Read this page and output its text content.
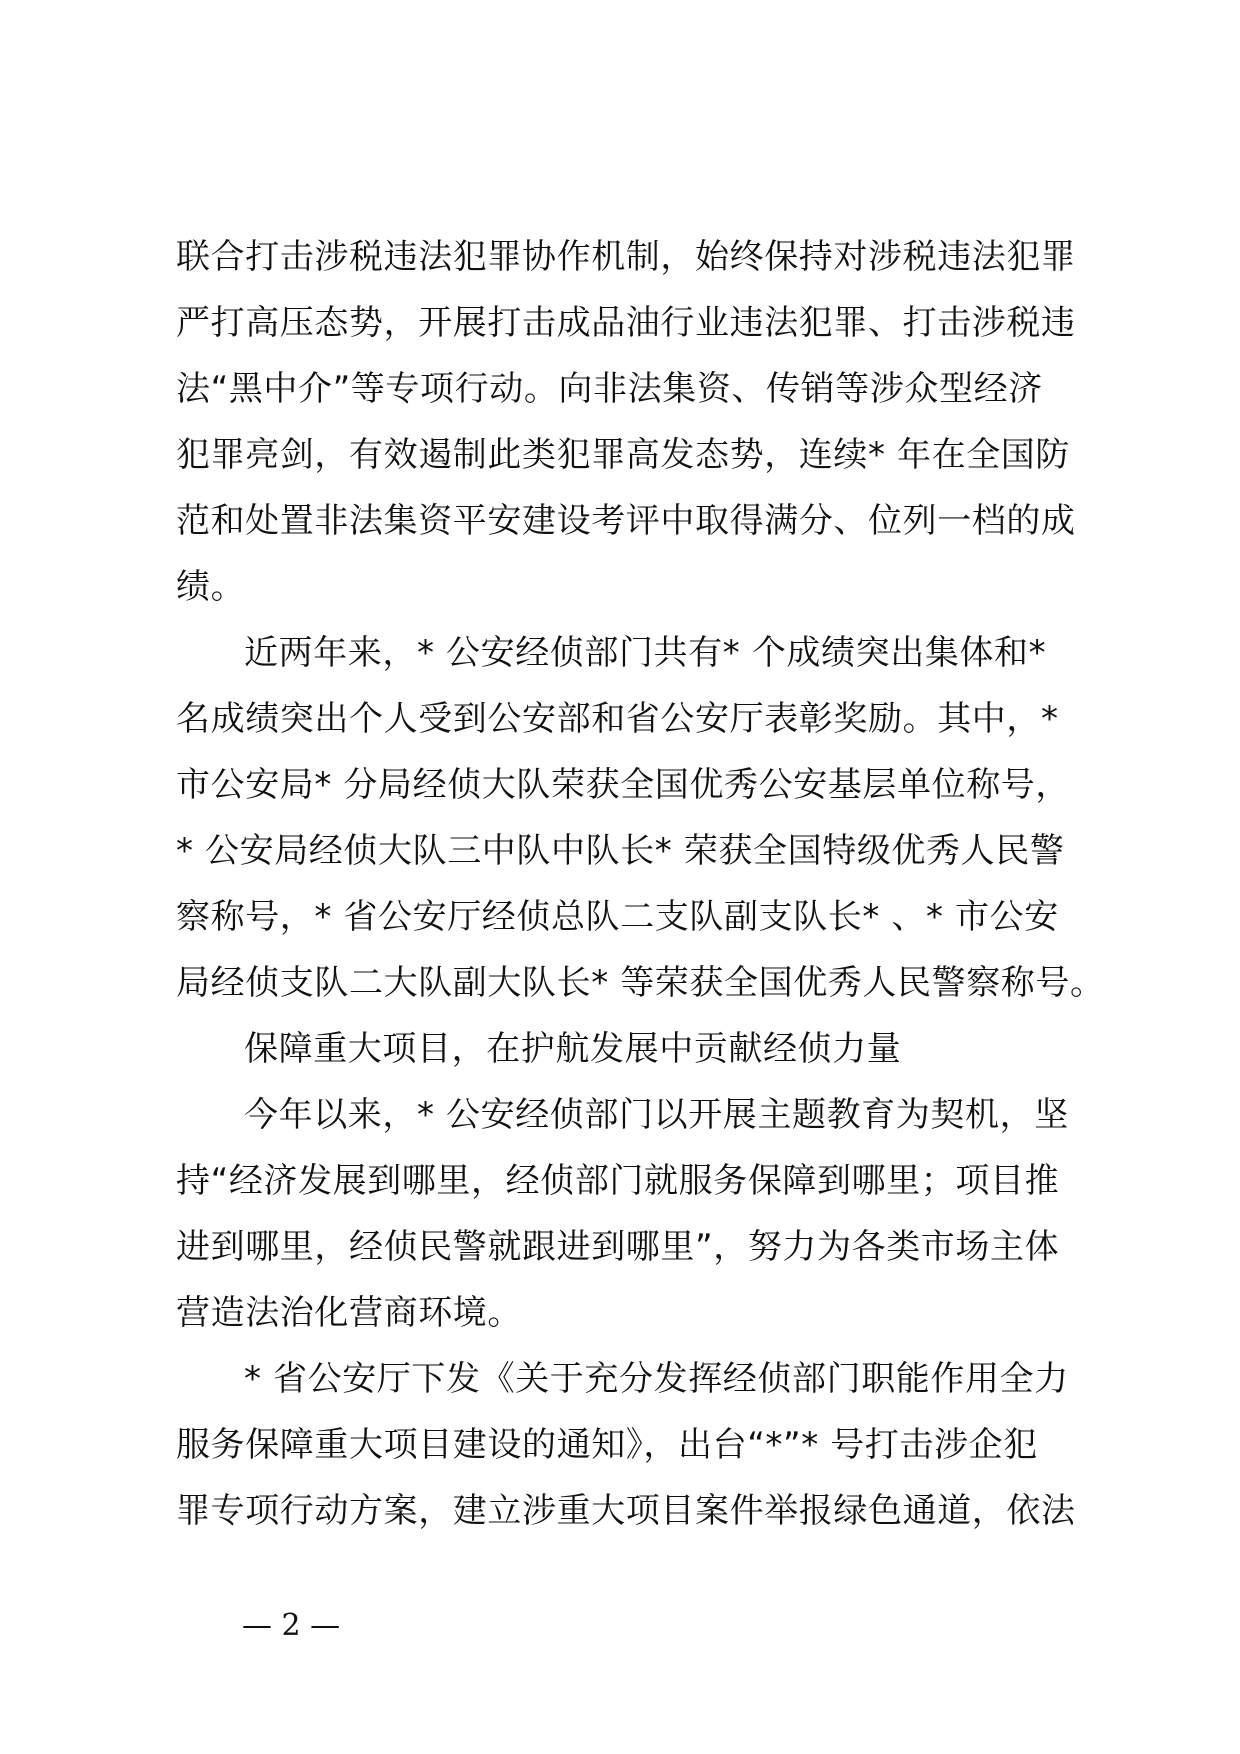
联合打击涉税违法犯罪协作机制，始终保持对涉税违法犯罪
严打高压态势，开展打击成品油行业违法犯罪、打击涉税违
法“黑中介”等专项行动。向非法集资、传销等涉众型经济
犯罪亮剑，有效遏制此类犯罪高发态势，连续* 年在全国防
范和处置非法集资平安建设考评中取得满分、位列一档的成
绩。
近两年来，* 公安经侦部门共有* 个成绩突出集体和*
名成绩突出个人受到公安部和省公安厅表彰奖励。其中，*
市公安局* 分局经侦大队荣获全国优秀公安基层单位称号，
* 公安局经侦大队三中队中队长* 荣获全国特级优秀人民警
察称号，* 省公安厅经侦总队二支队副支队长* 、* 市公安
局经侦支队二大队副大队长* 等荣获全国优秀人民警察称号。
保障重大项目，在护航发展中贡献经侦力量
今年以来，* 公安经侦部门以开展主题教育为契机，坚
持“经济发展到哪里，经侦部门就服务保障到哪里；项目推
进到哪里，经侦民警就跟进到哪里”，努力为各类市场主体
营造法治化营商环境。
* 省公安厅下发《关于充分发挥经侦部门职能作用全力
服务保障重大项目建设的通知》，出台“*”* 号打击涉企犯
罪专项行动方案，建立涉重大项目案件举报绿色通道，依法
— 2 —
